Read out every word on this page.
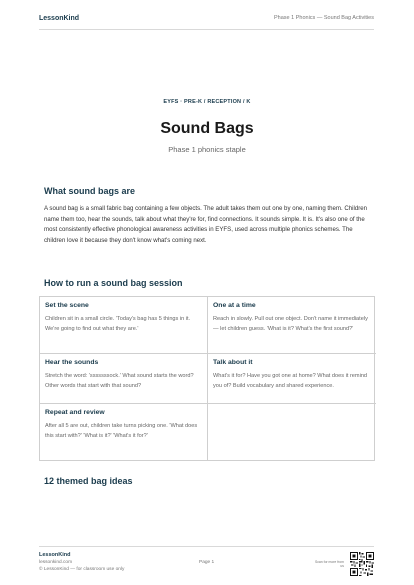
LessonKind	Phase 1 Phonics — Sound Bag Activities
EYFS · PRE-K / RECEPTION / K
Sound Bags
Phase 1 phonics staple
What sound bags are
A sound bag is a small fabric bag containing a few objects. The adult takes them out one by one, naming them. Children name them too, hear the sounds, talk about what they're for, find connections. It sounds simple. It is. It's also one of the most consistently effective phonological awareness activities in EYFS, used across multiple phonics schemes. The children love it because they don't know what's coming next.
How to run a sound bag session
Set the scene
Children sit in a small circle. 'Today's bag has 5 things in it. We're going to find out what they are.'
One at a time
Reach in slowly. Pull out one object. Don't name it immediately — let children guess. 'What is it? What's the first sound?'
Hear the sounds
Stretch the word: 'sssssssock.' What sound starts the word? Other words that start with that sound?
Talk about it
What's it for? Have you got one at home? What does it remind you of? Build vocabulary and shared experience.
Repeat and review
After all 5 are out, children take turns picking one. 'What does this start with?' 'What is it?' 'What's it for?'
12 themed bag ideas
LessonKind
lessonkind.com
© LessonKind — for classroom use only
Page 1	Scan for more from us
